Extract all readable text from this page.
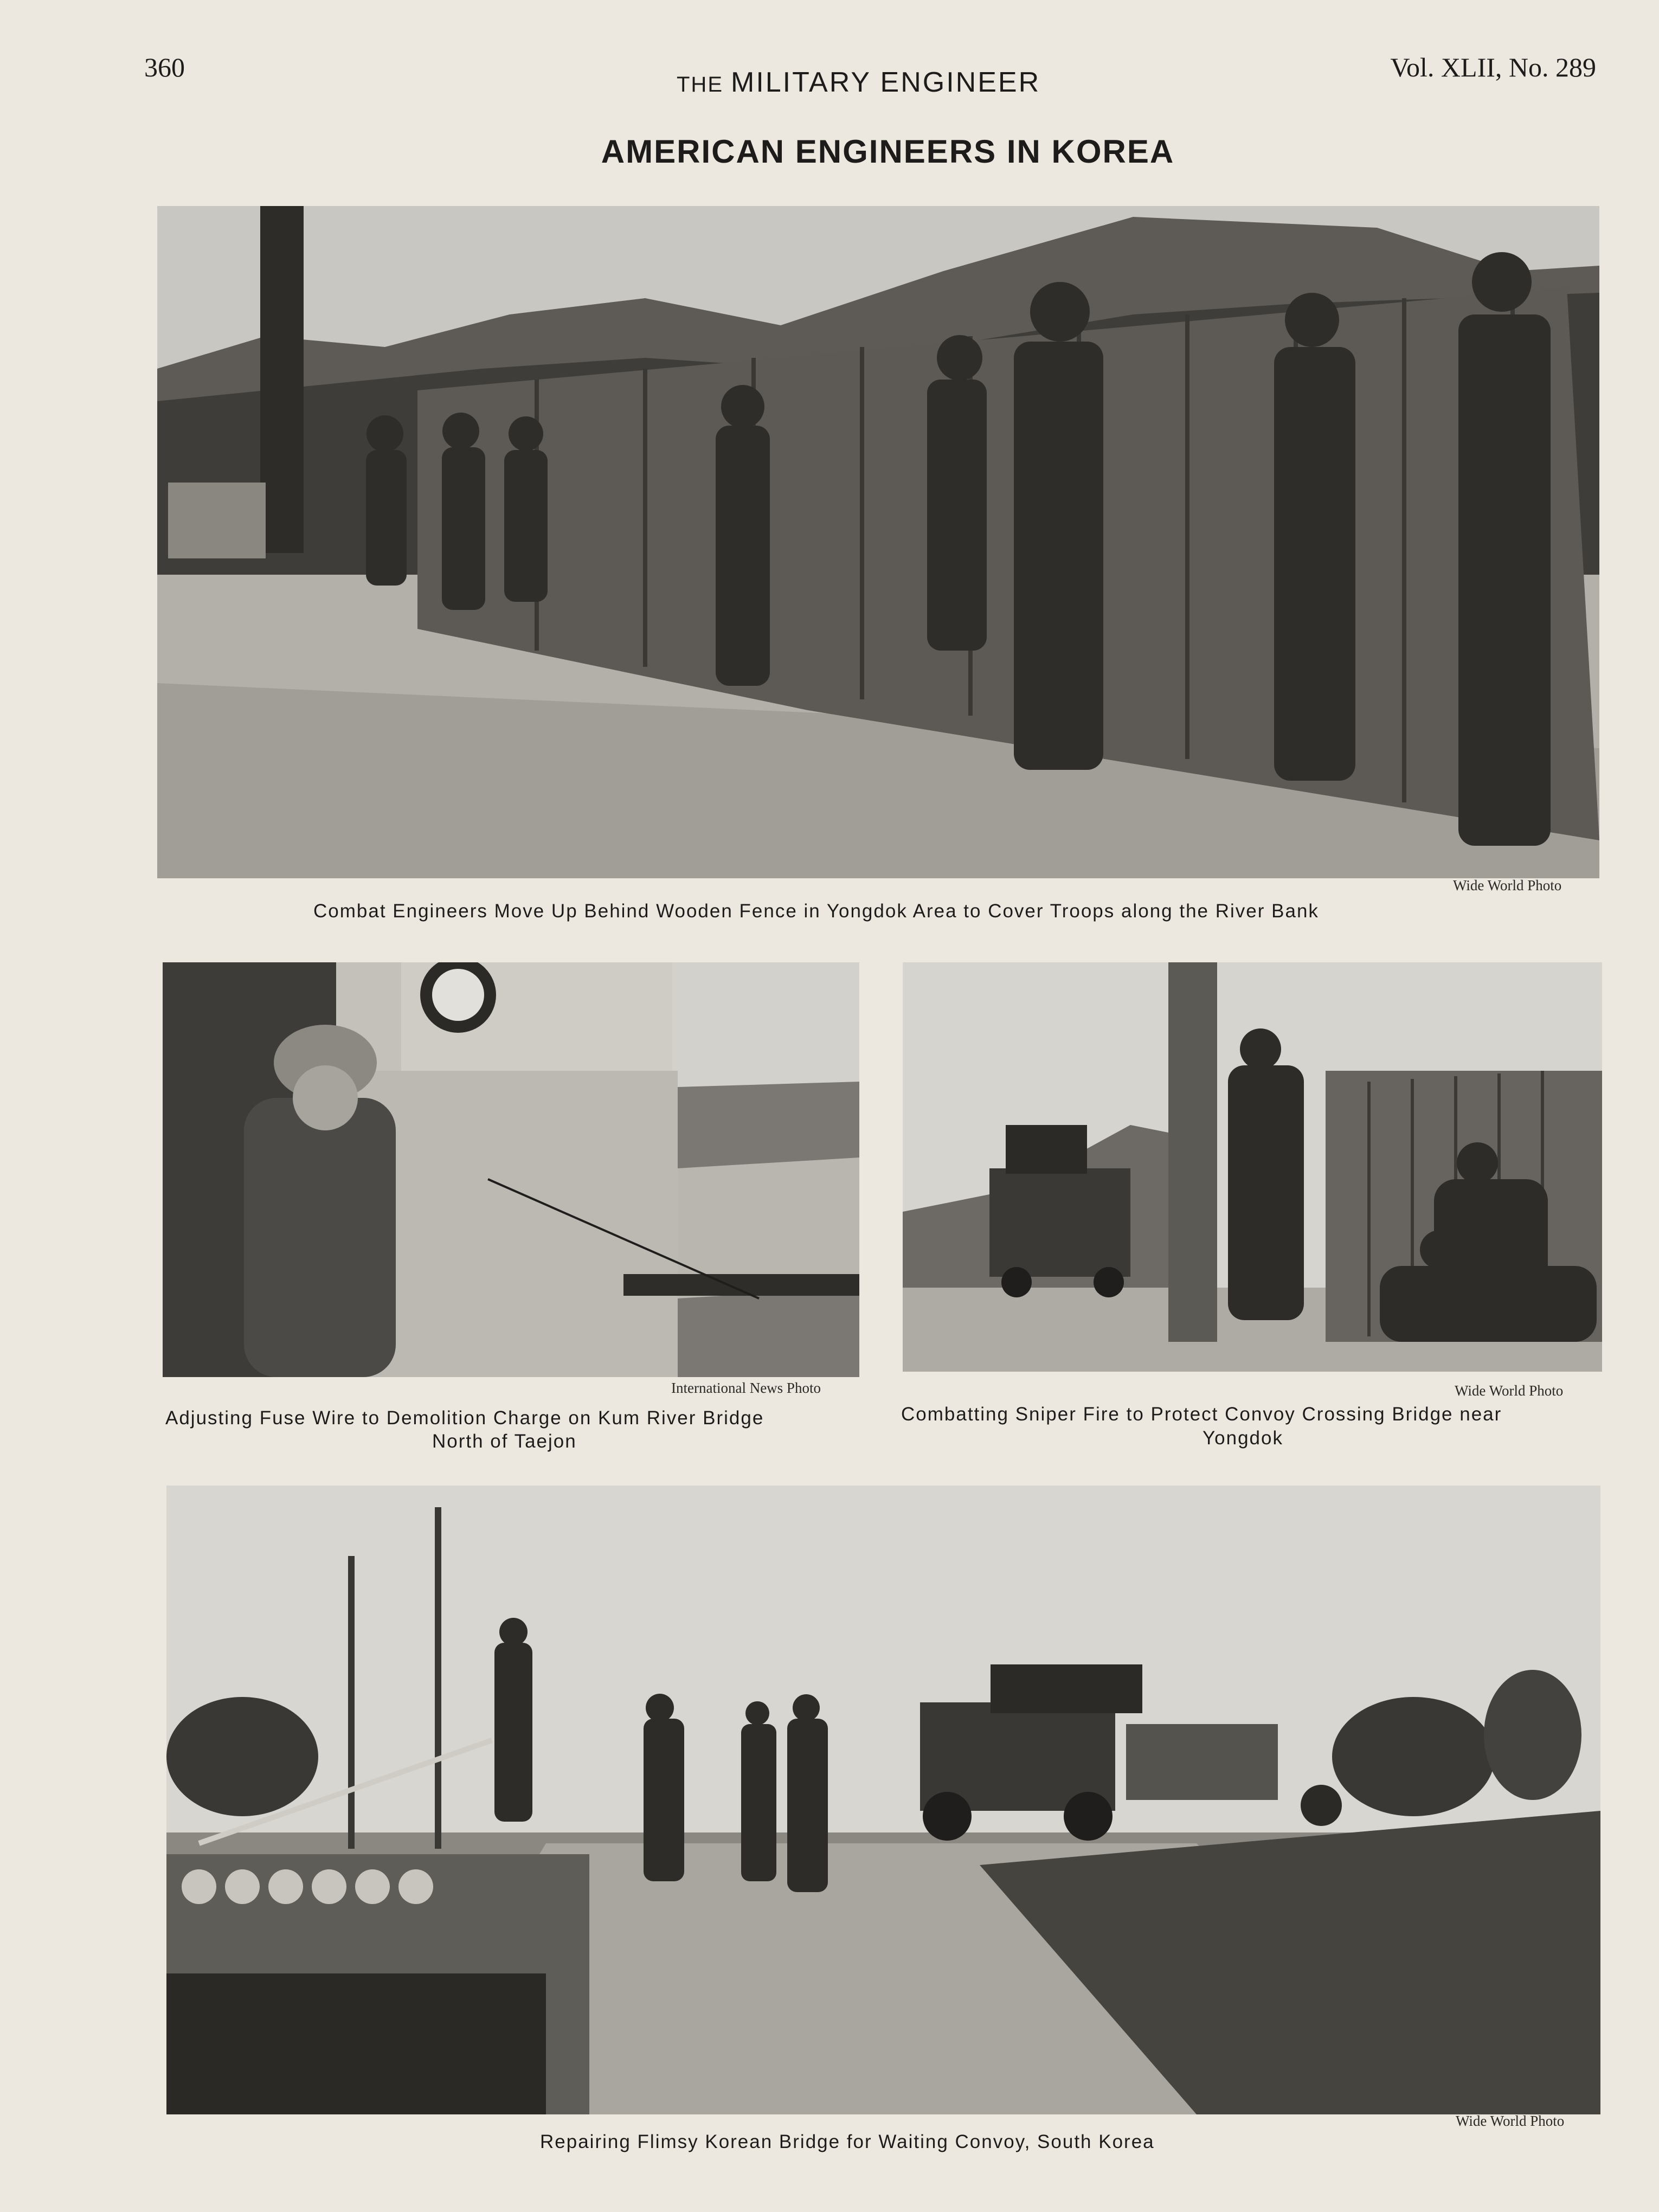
360
THE MILITARY ENGINEER	Vol. XLII, No. 289
AMERICAN ENGINEERS IN KOREA
Wide World Photo
Combat Engineers Move Up Behind Wooden Fence in Yongdok Area to Cover Troops along the River Bank
International News Photo
Adjusting Fuse Wire to Demolition Charge on Kum River Bridge
North of Taejon
Wide World Photo
Combatting Sniper Fire to Protect Convoy Crossing Bridge near
Yongdok
Wide World Photo
Repairing Flimsy Korean Bridge for Waiting Convoy, South Korea
